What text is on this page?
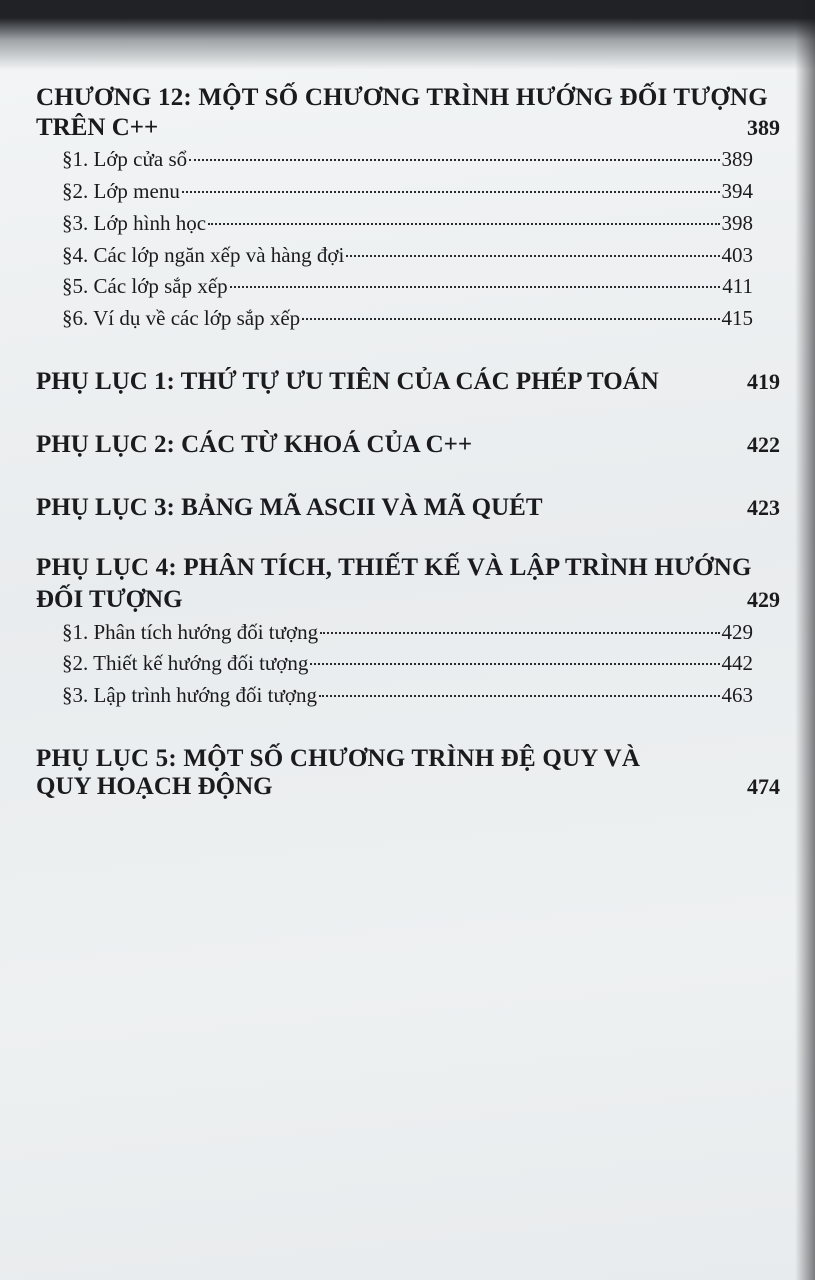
CHƯƠNG 12: MỘT SỐ CHƯƠNG TRÌNH HƯỚNG ĐỐI TƯỢNG
TRÊN C++	389
§1. Lớp cửa sổ	389
§2. Lớp menu	394
§3. Lớp hình học	398
§4. Các lớp ngăn xếp và hàng đợi	403
§5. Các lớp sắp xếp	411
§6. Ví dụ về các lớp sắp xếp	415
PHỤ LỤC 1: THỨ TỰ ƯU TIÊN CỦA CÁC PHÉP TOÁN	419
PHỤ LỤC 2: CÁC TỪ KHOÁ CỦA C++	422
PHỤ LỤC 3: BẢNG MÃ ASCII VÀ MÃ QUÉT	423
PHỤ LỤC 4: PHÂN TÍCH, THIẾT KẾ VÀ LẬP TRÌNH HƯỚNG
ĐỐI TƯỢNG	429
§1. Phân tích hướng đối tượng	429
§2. Thiết kế hướng đối tượng	442
§3. Lập trình hướng đối tượng	463
PHỤ LỤC 5: MỘT SỐ CHƯƠNG TRÌNH ĐỆ QUY VÀ
QUY HOẠCH ĐỘNG	474
